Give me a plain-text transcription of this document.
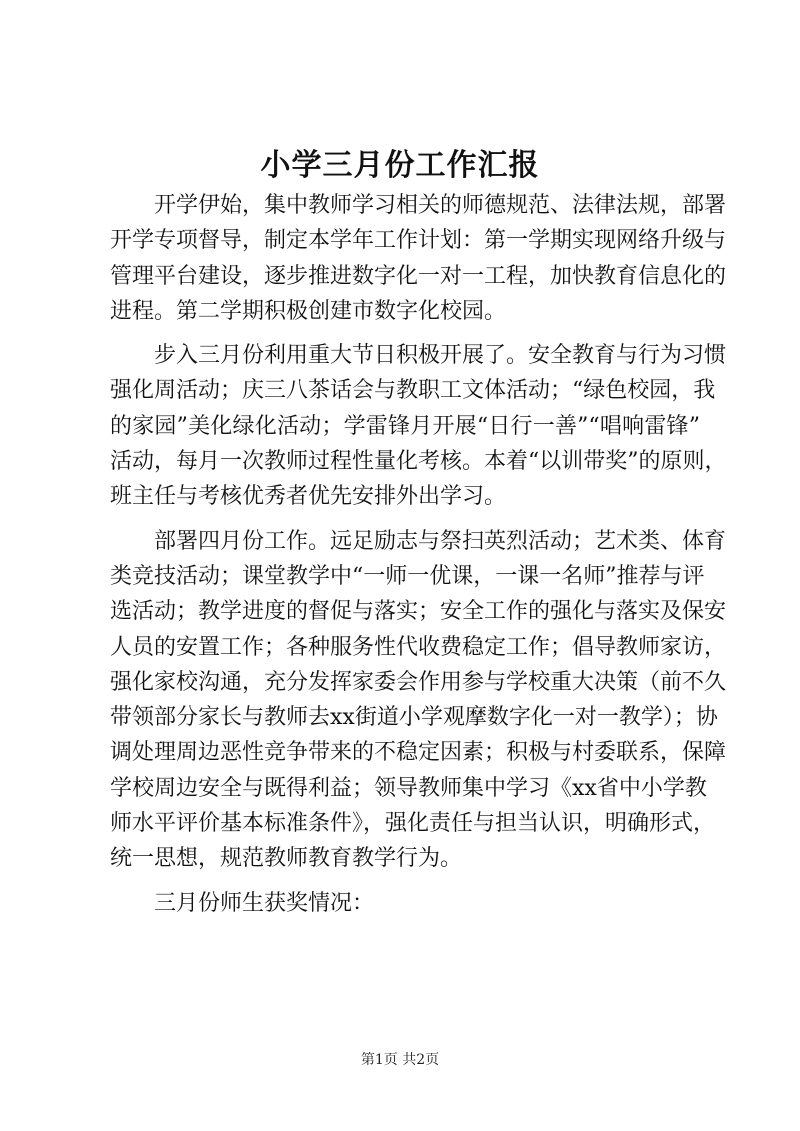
小学三月份工作汇报
开学伊始，集中教师学习相关的师德规范、法律法规，部署
开学专项督导，制定本学年工作计划：第一学期实现网络升级与
管理平台建设，逐步推进数字化一对一工程，加快教育信息化的
进程。第二学期积极创建市数字化校园。
步入三月份利用重大节日积极开展了。安全教育与行为习惯
强化周活动；庆三八茶话会与教职工文体活动；“绿色校园，我
的家园”美化绿化活动；学雷锋月开展“日行一善”“唱响雷锋”
活动，每月一次教师过程性量化考核。本着“以训带奖”的原则，
班主任与考核优秀者优先安排外出学习。
部署四月份工作。远足励志与祭扫英烈活动；艺术类、体育
类竞技活动；课堂教学中“一师一优课，一课一名师”推荐与评
选活动；教学进度的督促与落实；安全工作的强化与落实及保安
人员的安置工作；各种服务性代收费稳定工作；倡导教师家访，
强化家校沟通，充分发挥家委会作用参与学校重大决策（前不久
带领部分家长与教师去xx街道小学观摩数字化一对一教学）；协
调处理周边恶性竞争带来的不稳定因素；积极与村委联系，保障
学校周边安全与既得利益；领导教师集中学习《xx省中小学教
师水平评价基本标准条件》，强化责任与担当认识，明确形式，
统一思想，规范教师教育教学行为。
三月份师生获奖情况：
第1页 共2页
